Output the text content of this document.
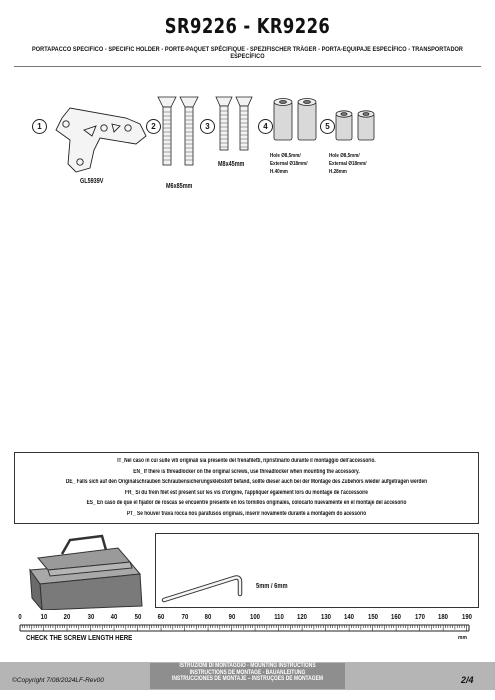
SR9226 - KR9226
PORTAPACCO SPECIFICO - SPECIFIC HOLDER - PORTE-PAQUET SPÉCIFIQUE - SPEZIFISCHER TRÄGER - PORTA-EQUIPAJE ESPECÍFICO - TRANSPORTADOR ESPECÍFICO
1	2	3	4	5
GL5939V
M6x85mm
M8x45mm
Hole Ø8,5mm/
External Ø18mm/
H.40mm
Hole Ø8,5mm/
External Ø18mm/
H.28mm
IT_Nel caso in cui sulle viti originali sia presente del frenafiletti, ripristinarlo durante il montaggio dell'accessorio.
EN_ If there is threadlocker on the original screws, use threadlocker when mounting the accessory.
DE_ Falls sich auf den Originalschrauben Schraubensicherungsklebstoff befand, sollte dieser auch bei der Montage des Zubehörs wieder aufgetragen werden
FR_ Si du frein filet est présent sur les vis d'origine, l'appliquer également lors du montage de l'accessoire
ES_ En caso de que el fijador de roscas se encuentre presente en los tornillos originales, colocarlo nuevamente en el montaje del accesorio
PT_ Se houver trava rocca nos parafusos originais, inserir novamente durante a montagem do acessório
5mm / 6mm
0	10	20	30	40	50	60	70	80	90	100	110	120	130	140	150	160	170	180	190
CHECK THE SCREW LENGTH HERE	mm
©Copyright 7/08/2024LF-Rev00
ISTRUZIONI DI MONTAGGIO - MOUNTING INSTRUCTIONS
INSTRUCTIONS DE MONTAGE - BAUANLEITUNG
INSTRUCCIONES DE MONTAJE – INSTRUÇÕES DE MONTAGEM	2/4
